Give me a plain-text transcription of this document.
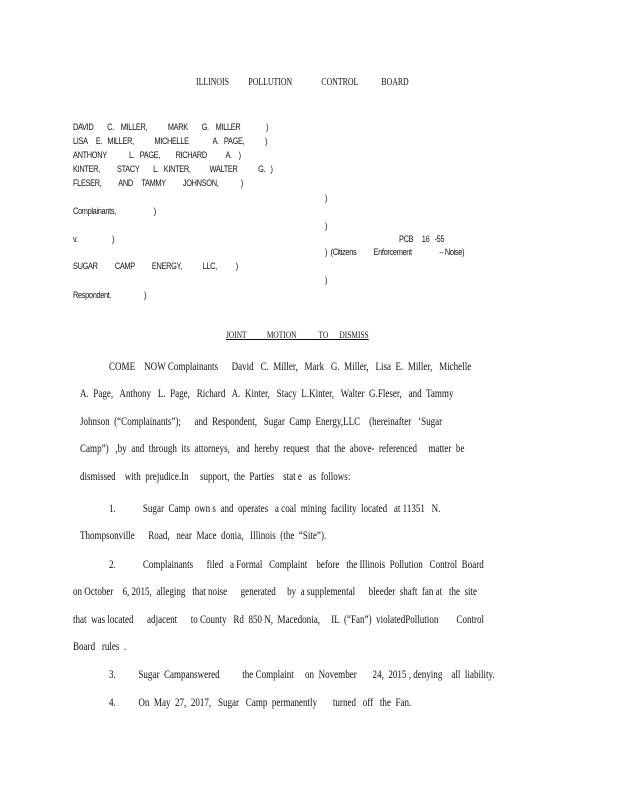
ILLINOIS          POLLUTION               CONTROL            BOARD
DAVID        C.    MILLER,            MARK        G.    MILLER               )
LISA     E.   MILLER,            MICHELLE              A.   PAGE,            )
ANTHONY             L.   PAGE,         RICHARD           A.    )
KINTER,          STACY        L.   KINTER,           WALTER            G.   )
FLESER,          AND     TAMMY          JOHNSON,             )
)
Complainants,                      )
)
v.                    )	PCB     16   -55
)  (Citizens          Enforcement                – Noise)
SUGAR          CAMP          ENERGY,            LLC,           )
)
Respondent.                   )
JOINT           MOTION            TO      DISMISS
COME    NOW Complainants      David   C.  Miller,   Mark   G.  Miller,   Lisa  E.  Miller,   Michelle
A.  Page,   Anthony   L.  Page,   Richard   A.  Kinter,   Stacy  L.Kinter,   Walter  G.Fleser,   and  Tammy
Johnson  (“Complainants”);      and  Respondent,   Sugar  Camp  Energy,LLC    (hereinafter   ‘Sugar
Camp”)   ,by  and  through  its  attorneys,   and  hereby  request   that  the  above-  referenced     matter  be
dismissed    with  prejudice.In     support,  the  Parties    stat e   as  follows:
1.            Sugar  Camp  own s  and  operates   a coal  mining  facility  located   at 11351   N.
Thompsonville      Road,   near  Mace  donia,   Illinois  (the  “Site”).
2.            Complainants      filed   a Formal   Complaint    before   the Illinois  Pollution   Control  Board
on October    6, 2015,  alleging   that noise      generated     by  a supplemental      bleeder  shaft  fan at   the  site
that  was located      adjacent      to County   Rd  850 N,  Macedonia,     IL  (“Fan”)  violatedPollution        Control
Board   rules  .
3.          Sugar  Campanswered          the Complaint     on  November       24,  2015 , denying    all  liability.
4.          On  May  27,  2017,   Sugar   Camp  permanently       turned   off   the  Fan.
